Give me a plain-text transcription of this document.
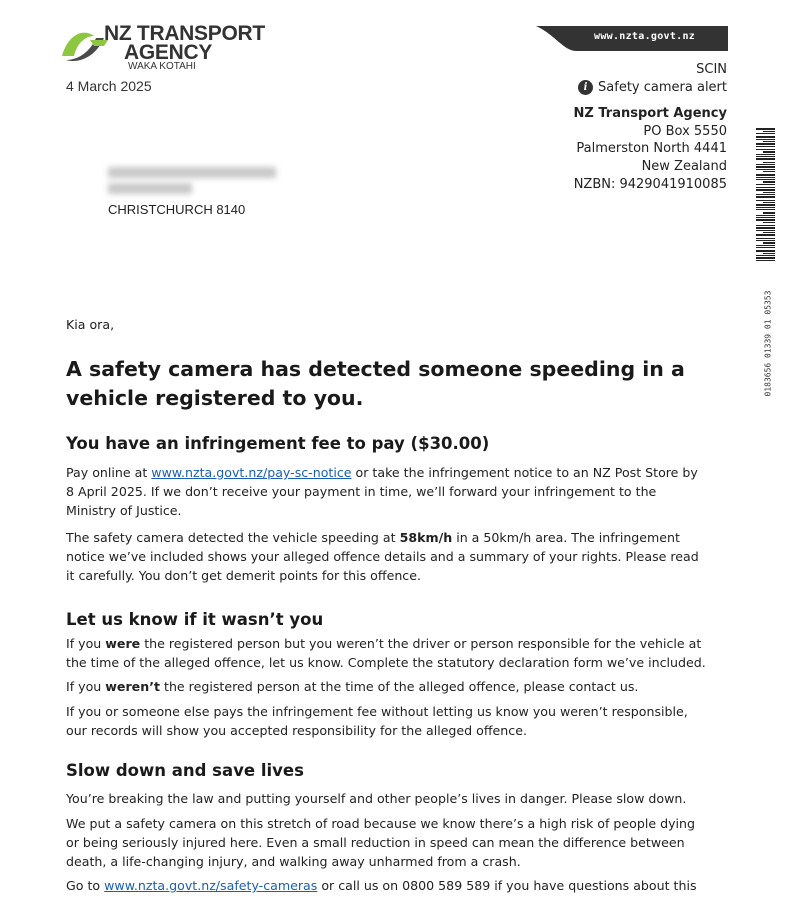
NZ TRANSPORT
AGENCY
WAKA KOTAHI
4 March 2025
www.nzta.govt.nz
SCIN
i Safety camera alert
NZ Transport Agency
PO Box 5550
Palmerston North 4441
New Zealand
NZBN: 9429041910085
0183656 01339 01 05353
CHRISTCHURCH 8140
Kia ora,
A safety camera has detected someone speeding in a vehicle registered to you.
You have an infringement fee to pay ($30.00)
Pay online at www.nzta.govt.nz/pay-sc-notice or take the infringement notice to an NZ Post Store by 8 April 2025. If we don’t receive your payment in time, we’ll forward your infringement to the Ministry of Justice.
The safety camera detected the vehicle speeding at 58km/h in a 50km/h area. The infringement notice we’ve included shows your alleged offence details and a summary of your rights. Please read it carefully. You don’t get demerit points for this offence.
Let us know if it wasn’t you
If you were the registered person but you weren’t the driver or person responsible for the vehicle at the time of the alleged offence, let us know. Complete the statutory declaration form we’ve included.
If you weren’t the registered person at the time of the alleged offence, please contact us.
If you or someone else pays the infringement fee without letting us know you weren’t responsible, our records will show you accepted responsibility for the alleged offence.
Slow down and save lives
You’re breaking the law and putting yourself and other people’s lives in danger. Please slow down.
We put a safety camera on this stretch of road because we know there’s a high risk of people dying or being seriously injured here. Even a small reduction in speed can mean the difference between death, a life-changing injury, and walking away unharmed from a crash.
Go to www.nzta.govt.nz/safety-cameras or call us on 0800 589 589 if you have questions about this
